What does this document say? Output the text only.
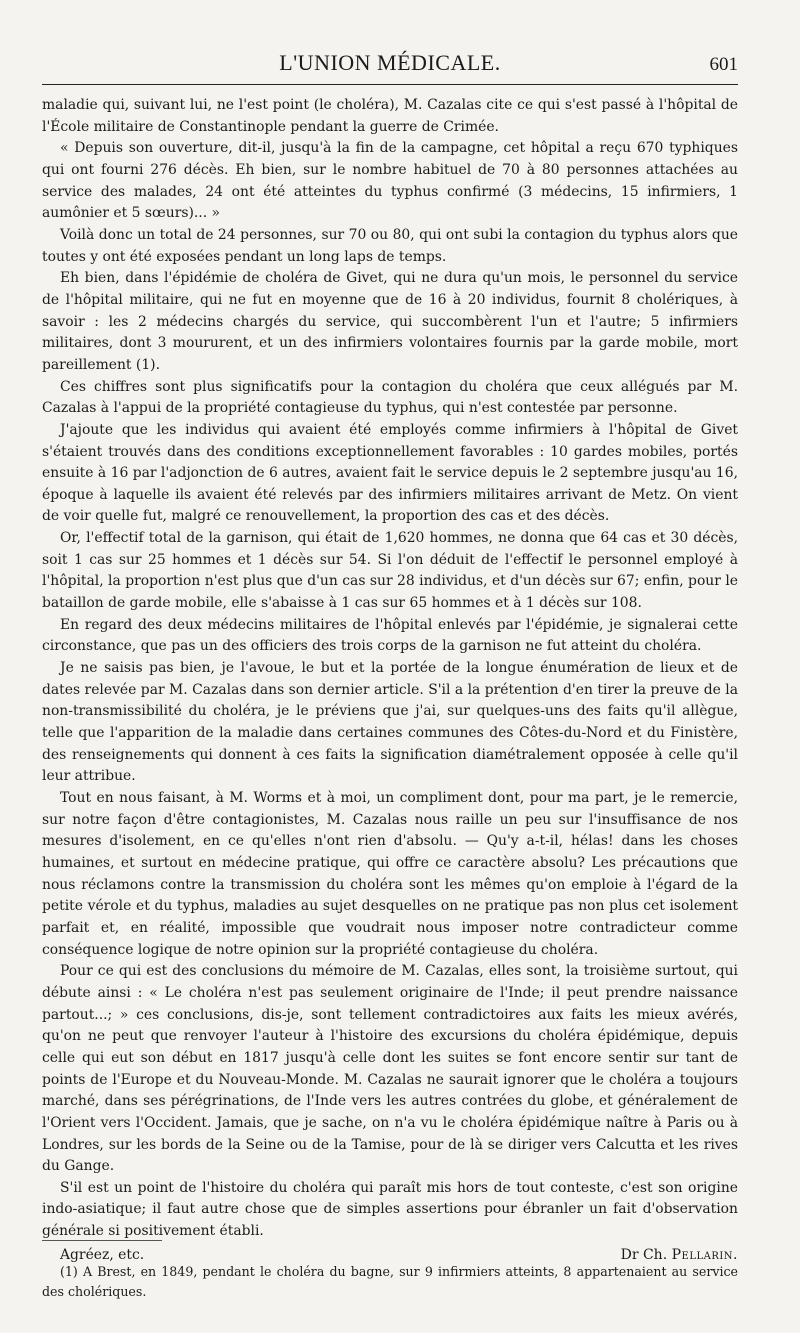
L'UNION MÉDICALE.	601

maladie qui, suivant lui, ne l'est point (le choléra), M. Cazalas cite ce qui s'est passé à l'hôpital de l'École militaire de Constantinople pendant la guerre de Crimée.

« Depuis son ouverture, dit-il, jusqu'à la fin de la campagne, cet hôpital a reçu 670 typhiques qui ont fourni 276 décès. Eh bien, sur le nombre habituel de 70 à 80 personnes attachées au service des malades, 24 ont été atteintes du typhus confirmé (3 médecins, 15 infirmiers, 1 aumônier et 5 sœurs)... »

Voilà donc un total de 24 personnes, sur 70 ou 80, qui ont subi la contagion du typhus alors que toutes y ont été exposées pendant un long laps de temps.

Eh bien, dans l'épidémie de choléra de Givet, qui ne dura qu'un mois, le personnel du service de l'hôpital militaire, qui ne fut en moyenne que de 16 à 20 individus, fournit 8 cholériques, à savoir : les 2 médecins chargés du service, qui succombèrent l'un et l'autre; 5 infirmiers militaires, dont 3 moururent, et un des infirmiers volontaires fournis par la garde mobile, mort pareillement (1).

Ces chiffres sont plus significatifs pour la contagion du choléra que ceux allégués par M. Cazalas à l'appui de la propriété contagieuse du typhus, qui n'est contestée par personne.

J'ajoute que les individus qui avaient été employés comme infirmiers à l'hôpital de Givet s'étaient trouvés dans des conditions exceptionnellement favorables : 10 gardes mobiles, portés ensuite à 16 par l'adjonction de 6 autres, avaient fait le service depuis le 2 septembre jusqu'au 16, époque à laquelle ils avaient été relevés par des infirmiers militaires arrivant de Metz. On vient de voir quelle fut, malgré ce renouvellement, la proportion des cas et des décès.

Or, l'effectif total de la garnison, qui était de 1,620 hommes, ne donna que 64 cas et 30 décès, soit 1 cas sur 25 hommes et 1 décès sur 54. Si l'on déduit de l'effectif le personnel employé à l'hôpital, la proportion n'est plus que d'un cas sur 28 individus, et d'un décès sur 67; enfin, pour le bataillon de garde mobile, elle s'abaisse à 1 cas sur 65 hommes et à 1 décès sur 108.

En regard des deux médecins militaires de l'hôpital enlevés par l'épidémie, je signalerai cette circonstance, que pas un des officiers des trois corps de la garnison ne fut atteint du choléra.

Je ne saisis pas bien, je l'avoue, le but et la portée de la longue énumération de lieux et de dates relevée par M. Cazalas dans son dernier article. S'il a la prétention d'en tirer la preuve de la non-transmissibilité du choléra, je le préviens que j'ai, sur quelques-uns des faits qu'il allègue, telle que l'apparition de la maladie dans certaines communes des Côtes-du-Nord et du Finistère, des renseignements qui donnent à ces faits la signification diamétralement opposée à celle qu'il leur attribue.

Tout en nous faisant, à M. Worms et à moi, un compliment dont, pour ma part, je le remercie, sur notre façon d'être contagionistes, M. Cazalas nous raille un peu sur l'insuffisance de nos mesures d'isolement, en ce qu'elles n'ont rien d'absolu. — Qu'y a-t-il, hélas! dans les choses humaines, et surtout en médecine pratique, qui offre ce caractère absolu? Les précautions que nous réclamons contre la transmission du choléra sont les mêmes qu'on emploie à l'égard de la petite vérole et du typhus, maladies au sujet desquelles on ne pratique pas non plus cet isolement parfait et, en réalité, impossible que voudrait nous imposer notre contradicteur comme conséquence logique de notre opinion sur la propriété contagieuse du choléra.

Pour ce qui est des conclusions du mémoire de M. Cazalas, elles sont, la troisième surtout, qui débute ainsi : « Le choléra n'est pas seulement originaire de l'Inde; il peut prendre naissance partout...; » ces conclusions, dis-je, sont tellement contradictoires aux faits les mieux avérés, qu'on ne peut que renvoyer l'auteur à l'histoire des excursions du choléra épidémique, depuis celle qui eut son début en 1817 jusqu'à celle dont les suites se font encore sentir sur tant de points de l'Europe et du Nouveau-Monde. M. Cazalas ne saurait ignorer que le choléra a toujours marché, dans ses pérégrinations, de l'Inde vers les autres contrées du globe, et généralement de l'Orient vers l'Occident. Jamais, que je sache, on n'a vu le choléra épidémique naître à Paris ou à Londres, sur les bords de la Seine ou de la Tamise, pour de là se diriger vers Calcutta et les rives du Gange.

S'il est un point de l'histoire du choléra qui paraît mis hors de tout conteste, c'est son origine indo-asiatique; il faut autre chose que de simples assertions pour ébranler un fait d'observation générale si positivement établi.

Agréez, etc.	Dr Ch. Pellarin.

(1) A Brest, en 1849, pendant le choléra du bagne, sur 9 infirmiers atteints, 8 appartenaient au service des cholériques.
